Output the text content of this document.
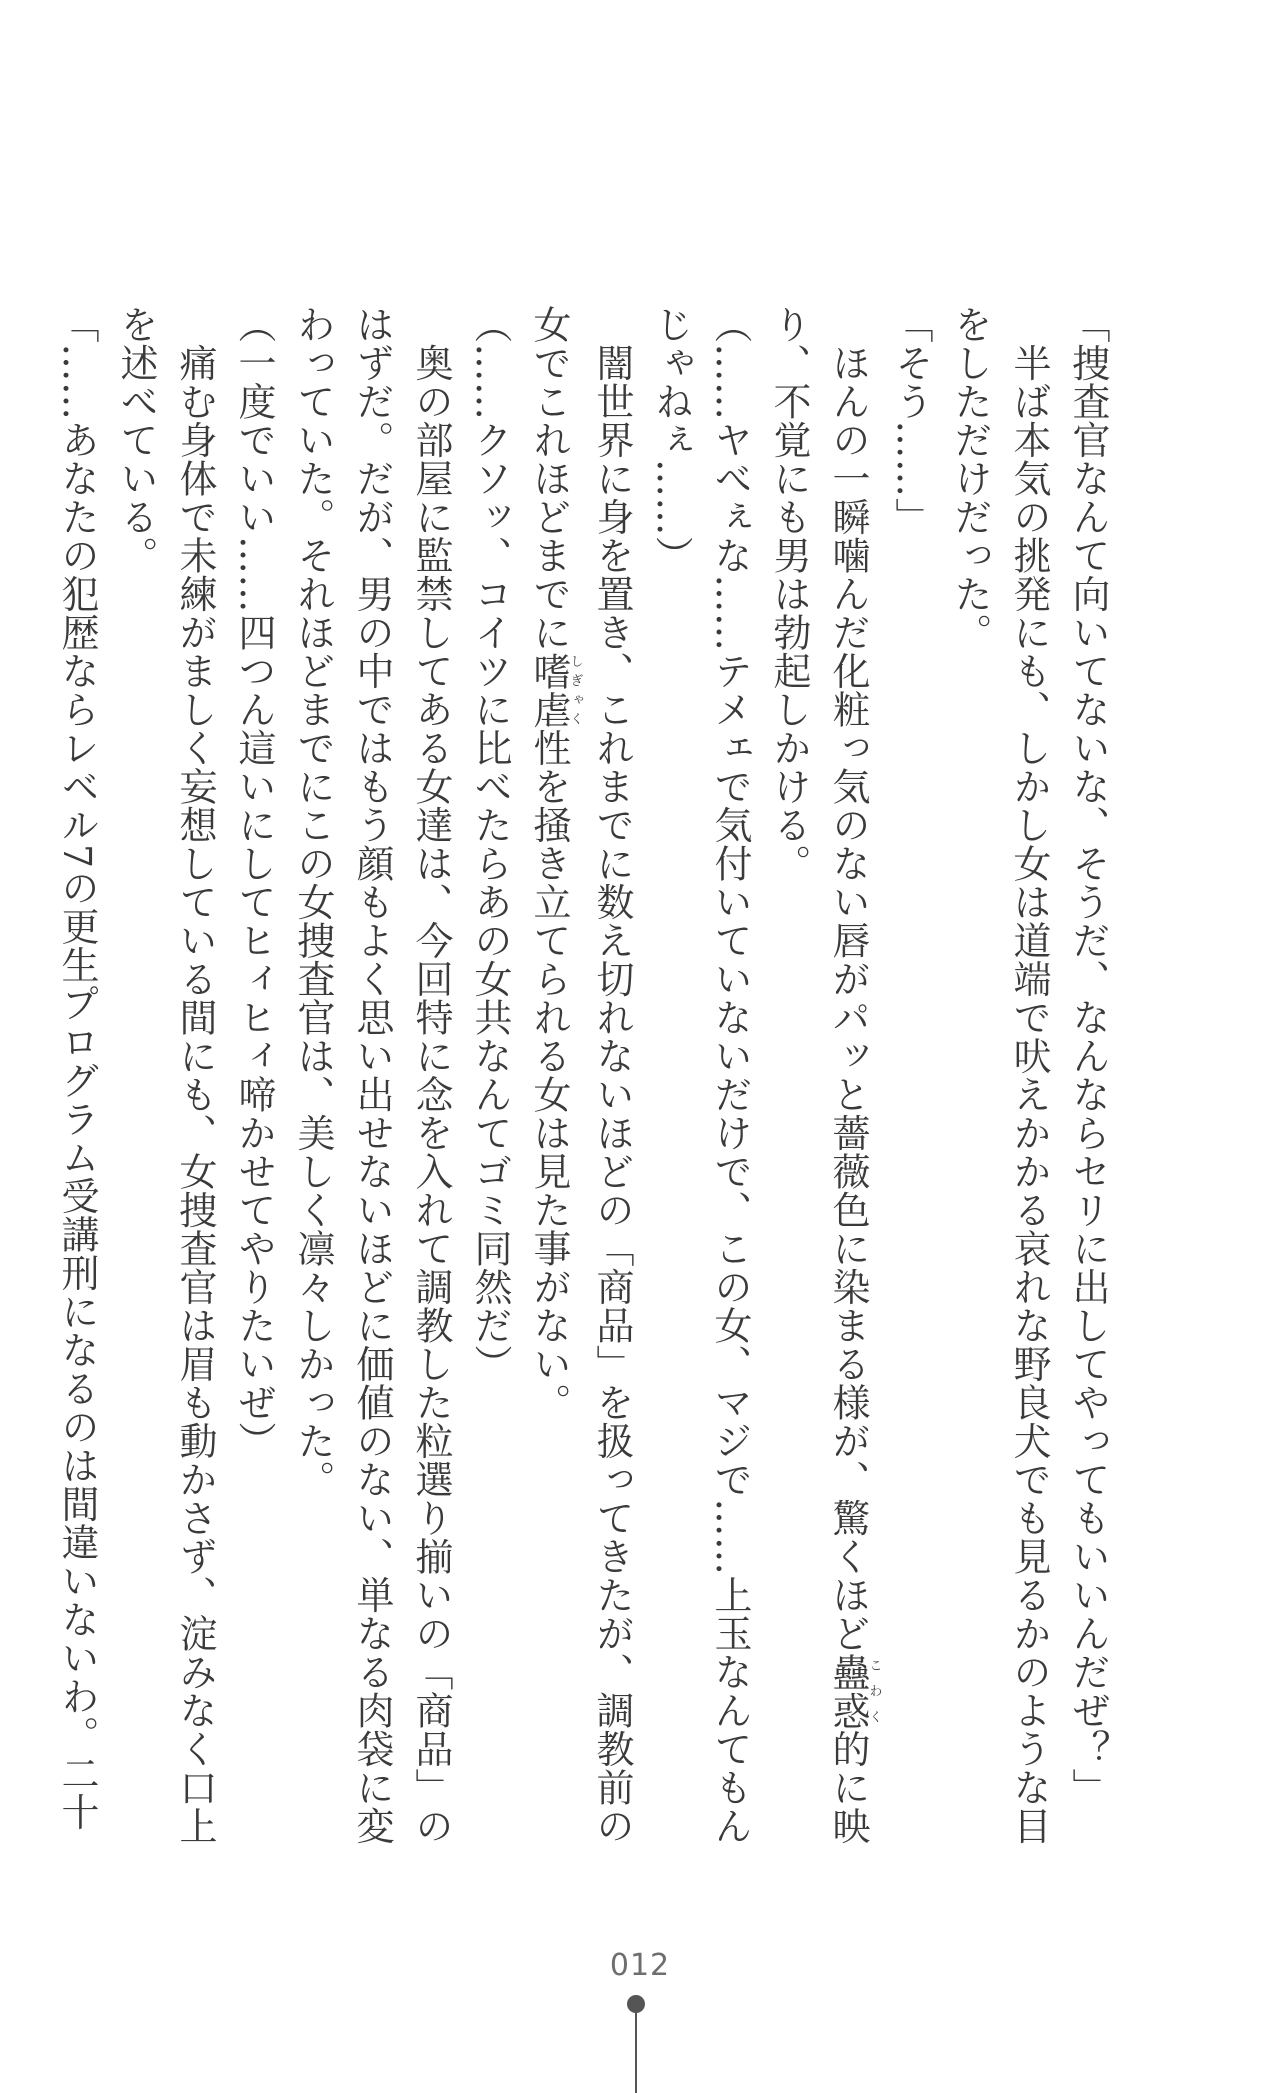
「捜査官なんて向いてないな、そうだ、なんならセリに出してやってもいいんだぜ？」
　半ば本気の挑発にも、しかし女は道端で吠えかかる哀れな野良犬でも見るかのような目
をしただけだった。
「そう……」
　ほんの一瞬噛んだ化粧っ気のない唇がパッと薔薇色に染まる様が、驚くほど蠱惑こわく的に映
り、不覚にも男は勃起しかける。
（……ヤべぇな……テメェで気付いていないだけで、この女、マジで……上玉なんてもん
じゃねぇ……）
　闇世界に身を置き、これまでに数え切れないほどの「商品」を扱ってきたが、調教前の
女でこれほどまでに嗜虐しぎゃく性を掻き立てられる女は見た事がない。
（……クソッ、コイツに比べたらあの女共なんてゴミ同然だ）
　奥の部屋に監禁してある女達は、今回特に念を入れて調教した粒選り揃いの「商品」の
はずだ。だが、男の中ではもう顔もよく思い出せないほどに価値のない、単なる肉袋に変
わっていた。それほどまでにこの女捜査官は、美しく凛々しかった。
（一度でいい……四つん這いにしてヒィヒィ啼かせてやりたいぜ）
　痛む身体で未練がましく妄想している間にも、女捜査官は眉も動かさず、淀みなく口上
を述べている。
「……あなたの犯歴ならレベル7の更生プログラム受講刑になるのは間違いないわ。二十
012
